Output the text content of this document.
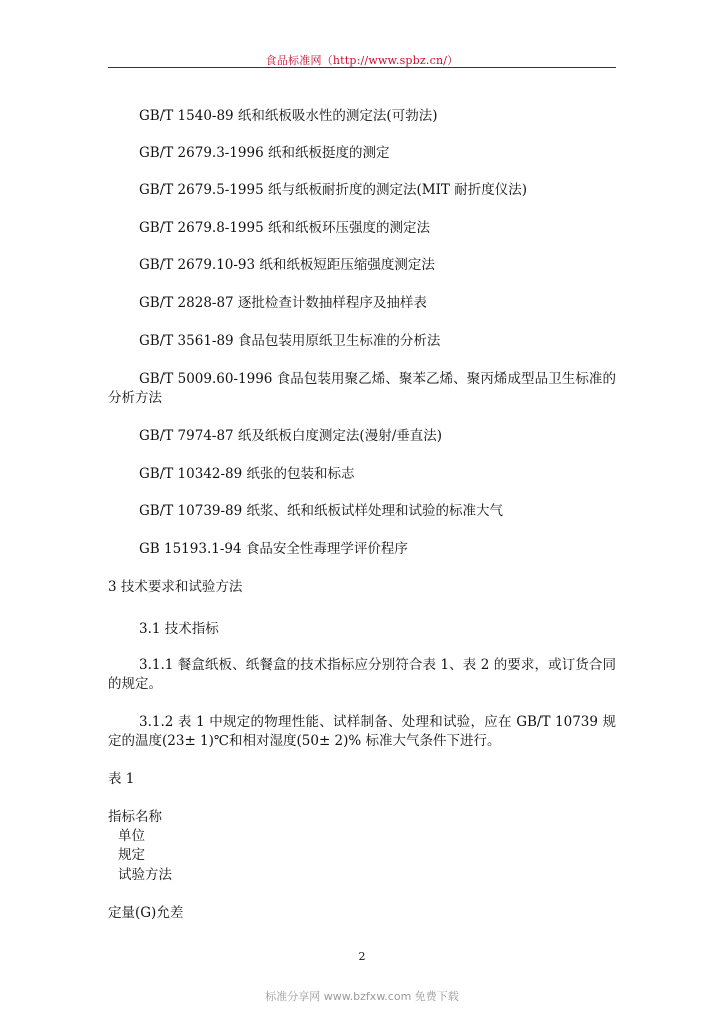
食品标准网（http://www.spbz.cn/）

GB/T 1540-89 纸和纸板吸水性的测定法(可勃法)

GB/T 2679.3-1996 纸和纸板挺度的测定

GB/T 2679.5-1995 纸与纸板耐折度的测定法(MIT 耐折度仪法)

GB/T 2679.8-1995 纸和纸板环压强度的测定法

GB/T 2679.10-93 纸和纸板短距压缩强度测定法

GB/T 2828-87 逐批检查计数抽样程序及抽样表

GB/T 3561-89 食品包装用原纸卫生标准的分析法

GB/T 5009.60-1996 食品包装用聚乙烯、聚苯乙烯、聚丙烯成型品卫生标准的分析方法

GB/T 7974-87 纸及纸板白度测定法(漫射/垂直法)

GB/T 10342-89 纸张的包装和标志

GB/T 10739-89 纸浆、纸和纸板试样处理和试验的标准大气

GB 15193.1-94 食品安全性毒理学评价程序

3 技术要求和试验方法

3.1 技术指标

3.1.1 餐盒纸板、纸餐盒的技术指标应分别符合表 1、表 2 的要求，或订货合同的规定。

3.1.2 表 1 中规定的物理性能、试样制备、处理和试验，应在 GB/T 10739 规定的温度(23± 1)℃和相对湿度(50± 2)% 标准大气条件下进行。

表 1

指标名称

单位

规定

试验方法

定量(G)允差

2
标准分享网 www.bzfxw.com 免费下载
